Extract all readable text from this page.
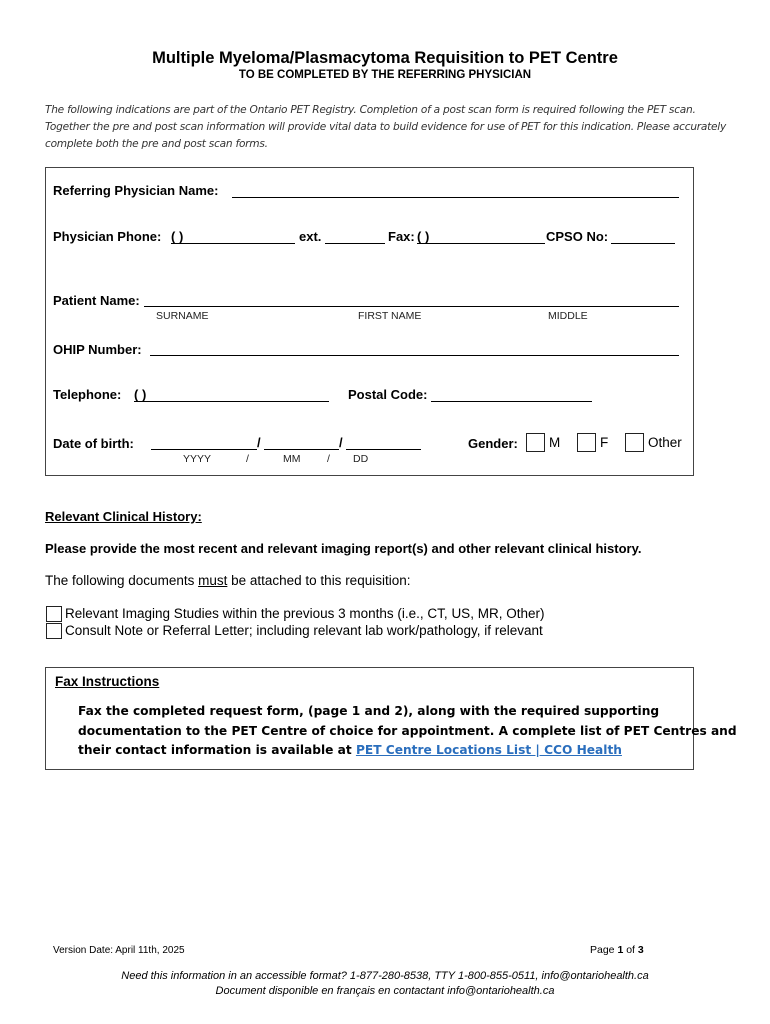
Multiple Myeloma/Plasmacytoma Requisition to PET Centre
TO BE COMPLETED BY THE REFERRING PHYSICIAN
The following indications are part of the Ontario PET Registry. Completion of a post scan form is required following the PET scan. Together the pre and post scan information will provide vital data to build evidence for use of PET for this indication. Please accurately complete both the pre and post scan forms.
Referring Physician Name:
Physician Phone: ( )	ext.	Fax: ( )	CPSO No:
Patient Name:
SURNAME	FIRST NAME	MIDDLE
OHIP Number:
Telephone: ( )	Postal Code:
Date of birth:	/	/
YYYY	/	MM	/ DD
Gender: M	F	Other
Relevant Clinical History:
Please provide the most recent and relevant imaging report(s) and other relevant clinical history.
The following documents must be attached to this requisition:
Relevant Imaging Studies within the previous 3 months (i.e., CT, US, MR, Other)
Consult Note or Referral Letter; including relevant lab work/pathology, if relevant
Fax Instructions
Fax the completed request form, (page 1 and 2), along with the required supporting
documentation to the PET Centre of choice for appointment. A complete list of PET Centres and
their contact information is available at PET Centre Locations List | CCO Health
Version Date: April 11th, 2025	Page 1 of 3
Need this information in an accessible format? 1-877-280-8538, TTY 1-800-855-0511, info@ontariohealth.ca
Document disponible en français en contactant info@ontariohealth.ca
